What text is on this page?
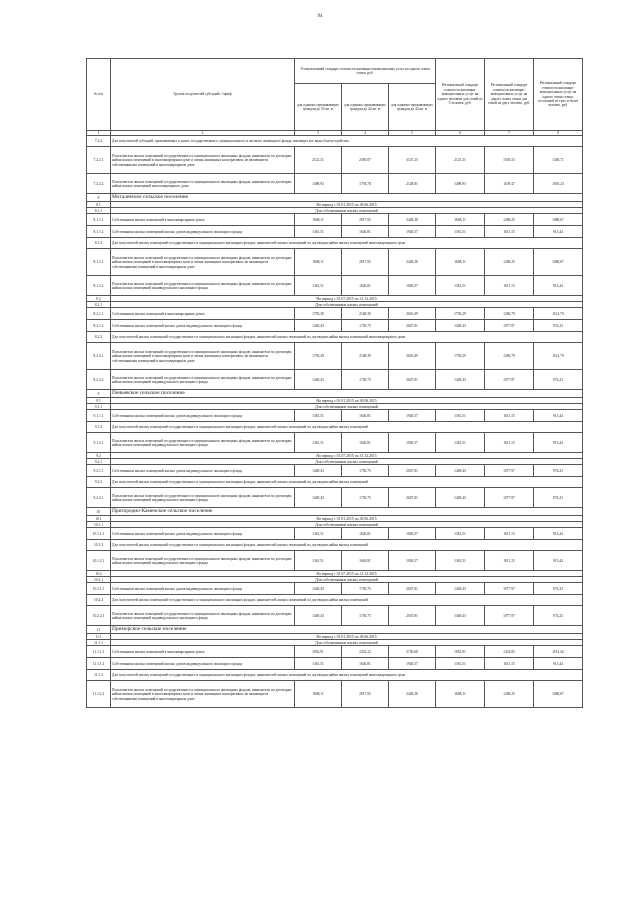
94
№ п/п	Группа получателей субсидий / тариф	Установленный стандарт стоимости жилищно-коммунальных услуг на одного члена семьи, руб.			Региональный стандарт стоимости жилищно-коммунальных услуг на одного человека для семей из 5 человек, руб.	Региональный стандарт стоимости жилищно-коммунальных услуг на одного члена семьи для семей из двух человек, руб.	Региональный стандарт стоимости жилищно-коммунальных услуг на одного члена семьи, состоящей из трех и более человек, руб.
		для одиноко проживающих граждан до 55 кв. м	для одиноко проживающих граждан до 42 кв. м	для одиноко проживающих граждан до 42 кв. м			
1	2	3	4	5	6	7	8
7.2.2	Для получателей субсидий, проживающих в домах государственного, муниципального и частного жилищного фонда, имеющих все виды благоустройства						
7.2.2.1	Пользователи жилых помещений государственного и муниципального жилищных фондов, наниматели по договорам найма жилых помещений в многоквартирном доме и члены жилищных кооперативов, не являющиеся собственниками помещений в многоквартирном доме	2121,31	2585,87	3147,25	2121,31	1503,53	1340,71
7.2.2.2	Пользователи жилых помещений государственного и муниципального жилищных фондов, наниматели по договорам найма жилых помещений многоквартирного дома	1498,93	1793,78	2128,81	1498,93	1109,47	1001,23
8	Моталевское сельское поселение						
8.1	На период с 01.01.2015 по 30.06.2015						
8.1.1	Для собственников жилых помещений						
8.1.1.1	Собственники жилых помещений в многоквартирных домах	1668,11	2017,92	2428,28	1668,11	1206,25	1080,67
8.1.1.2	Собственники жилых помещений жилых домов индивидуального жилищного фонда	1361,51	1626,81	1926,57	1361,51	1011,15	913,44
8.1.2	Для получателей жилых помещений государственного и муниципального жилищных фондов, нанимателей жилых помещений по договорам найма жилых помещений многоквартирного дома						
8.1.2.1	Пользователи жилых помещений государственного и муниципального жилищных фондов, наниматели по договорам найма жилых помещений в многоквартирном доме и члены жилищных кооперативов, не являющиеся собственниками помещений в многоквартирном доме	1668,11	2017,92	2428,28	1668,11	1206,25	1080,67
8.1.2.2	Пользователи жилых помещений государственного и муниципального жилищных фондов, наниматели по договорам найма жилых помещений индивидуального жилищного фонда	1361,51	1626,81	1926,57	1361,51	1011,15	913,44
8.2	На период с 01.07.2015 по 31.12.2015						
8.2.1	Для собственников жилых помещений						
8.2.1.1	Собственники жилых помещений в многоквартирных домах	1793,29	2168,39	2610,49	1793,29	1296,79	1161,79
8.2.1.2	Собственники жилых помещений жилых домов индивидуального жилищного фонда	1449,43	1730,75	2047,81	1449,43	1077,97	974,23
8.2.2	Для получателей жилых помещений государственного и муниципального жилищных фондов, нанимателей жилых помещений по договорам найма жилых помещений многоквартирного дома						
8.2.2.1	Пользователи жилых помещений государственного и муниципального жилищных фондов, наниматели по договорам найма жилых помещений в многоквартирном доме и члены жилищных кооперативов, не являющиеся собственниками помещений в многоквартирном доме	1793,29	2168,39	2610,49	1793,29	1296,79	1161,79
8.2.2.2	Пользователи жилых помещений государственного и муниципального жилищных фондов, наниматели по договорам найма жилых помещений индивидуального жилищного фонда	1449,43	1730,75	2047,81	1449,43	1077,97	974,23
9	Пеньевское сельское поселение						
9.1	На период с 01.01.2015 по 30.06.2015						
9.1.1	Для собственников жилых помещений						
9.1.1.1	Собственники жилых помещений жилых домов индивидуального жилищного фонда	1361,51	1626,81	1926,57	1361,51	1011,15	913,44
9.1.2	Для получателей жилых помещений государственного и муниципального жилищных фондов, нанимателей жилых помещений по договорам найма жилых помещений						
9.1.2.1	Пользователи жилых помещений государственного и муниципального жилищных фондов, наниматели по договорам найма жилых помещений индивидуального жилищного фонда	1361,51	1626,81	1926,57	1361,51	1011,15	913,44
9.2	На период с 01.07.2015 по 31.12.2015						
9.2.1	Для собственников жилых помещений						
9.2.1.1	Собственники жилых помещений жилых домов индивидуального жилищного фонда	1449,43	1730,75	2047,81	1449,43	1077,97	974,23
9.2.2	Для получателей жилых помещений государственного и муниципального жилищных фондов, нанимателей жилых помещений по договорам найма жилых помещений						
9.2.2.1	Пользователи жилых помещений государственного и муниципального жилищных фондов, наниматели по договорам найма жилых помещений индивидуального жилищного фонда	1449,43	1730,75	2047,81	1449,43	1077,97	974,23
10	Пригородно-Каменское сельское поселение						
10.1	На период с 01.01.2015 по 30.06.2015						
10.1.1	Для собственников жилых помещений						
10.1.1.1	Собственники жилых помещений жилых домов индивидуального жилищного фонда	1361,51	1626,81	1926,57	1361,51	1011,15	913,44
10.1.2	Для получателей жилых помещений государственного и муниципального жилищных фондов, нанимателей жилых помещений по договорам найма жилых помещений						
10.1.2.1	Пользователи жилых помещений государственного и муниципального жилищных фондов, наниматели по договорам найма жилых помещений индивидуального жилищного фонда	1361,51	1626,81	1926,57	1361,51	1011,15	913,44
10.2	На период с 01.07.2015 по 31.12.2015						
10.2.1	Для собственников жилых помещений						
10.2.1.1	Собственники жилых помещений жилых домов индивидуального жилищного фонда	1449,43	1730,75	2047,81	1449,43	1077,97	974,23
10.2.2	Для получателей жилых помещений государственного и муниципального жилищных фондов, нанимателей жилых помещений по договорам найма жилых помещений						
10.2.2.1	Пользователи жилых помещений государственного и муниципального жилищных фондов, наниматели по договорам найма жилых помещений индивидуального жилищного фонда	1449,43	1730,75	2047,81	1449,43	1077,97	974,23
11	Приморское сельское поселение						
11.1	На период с 01.01.2015 по 30.06.2015						
11.1.1	Для собственников жилых помещений						
11.1.1.1	Собственники жилых помещений в многоквартирных домах	1852,91	2252,22	2730,68	1852,91	1323,85	1181,42
11.1.1.2	Собственники жилых помещений жилых домов индивидуального жилищного фонда	1361,51	1626,81	1926,57	1361,51	1011,15	913,44
11.1.2	Для получателей жилых помещений государственного и муниципального жилищных фондов, нанимателей жилых помещений по договорам найма жилых помещений многоквартирного дома						
11.1.2.1	Пользователи жилых помещений государственного и муниципального жилищных фондов, наниматели по договорам найма жилых помещений в многоквартирном доме и члены жилищных кооперативов, не являющиеся собственниками помещений в многоквартирном доме	1668,11	2017,92	2428,28	1668,11	1206,25	1080,67
